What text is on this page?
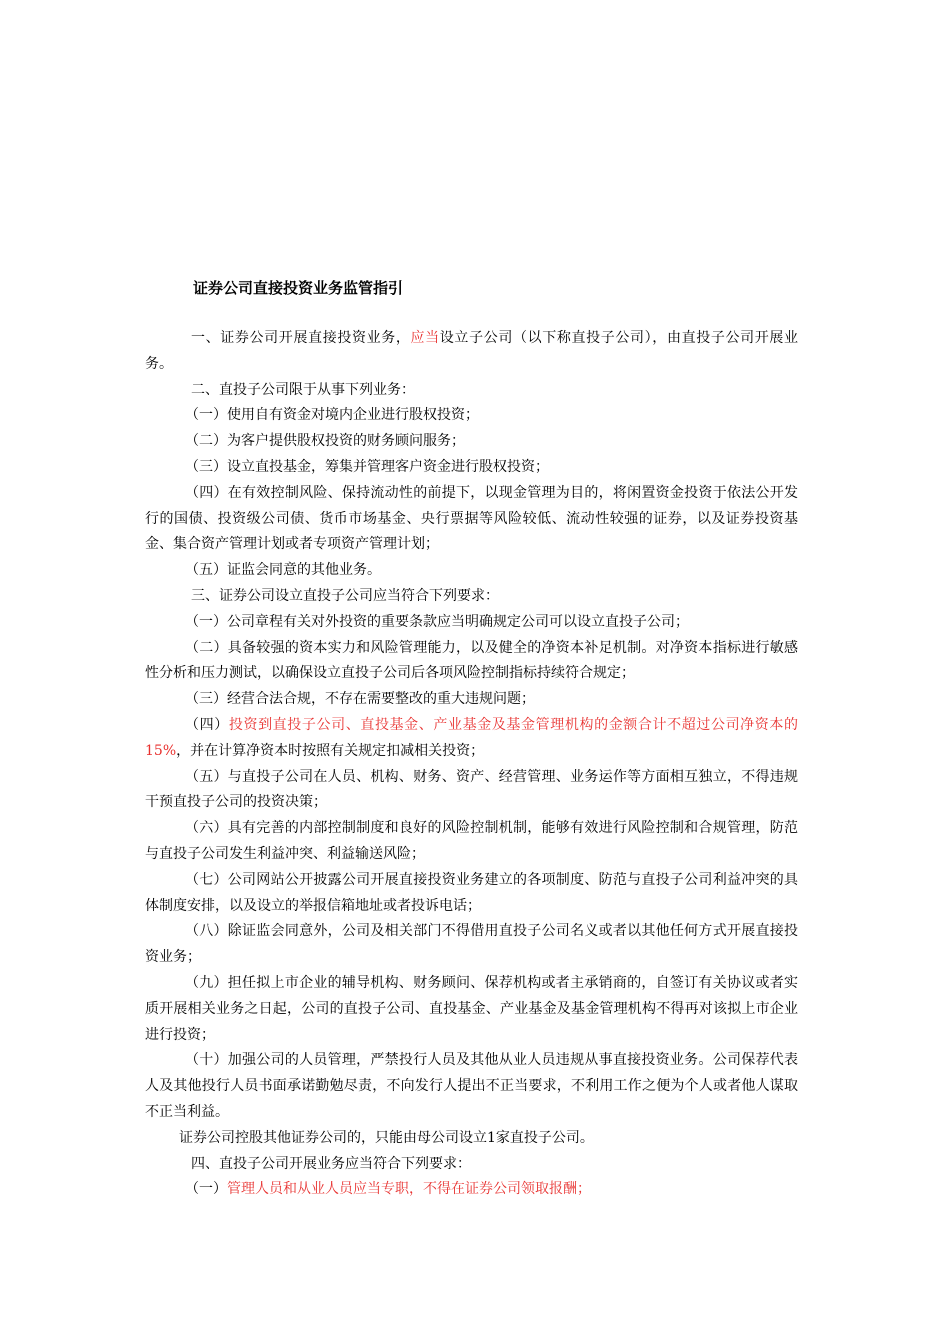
证券公司直接投资业务监管指引

一、证券公司开展直接投资业务，应当设立子公司（以下称直投子公司），由直投子公司开展业务。

二、直投子公司限于从事下列业务：

（一）使用自有资金对境内企业进行股权投资；

（二）为客户提供股权投资的财务顾问服务；

（三）设立直投基金，筹集并管理客户资金进行股权投资；

（四）在有效控制风险、保持流动性的前提下，以现金管理为目的，将闲置资金投资于依法公开发行的国债、投资级公司债、货币市场基金、央行票据等风险较低、流动性较强的证券，以及证券投资基金、集合资产管理计划或者专项资产管理计划；

（五）证监会同意的其他业务。

三、证券公司设立直投子公司应当符合下列要求：

（一）公司章程有关对外投资的重要条款应当明确规定公司可以设立直投子公司；

（二）具备较强的资本实力和风险管理能力，以及健全的净资本补足机制。对净资本指标进行敏感性分析和压力测试，以确保设立直投子公司后各项风险控制指标持续符合规定；

（三）经营合法合规，不存在需要整改的重大违规问题；

（四）投资到直投子公司、直投基金、产业基金及基金管理机构的金额合计不超过公司净资本的15%，并在计算净资本时按照有关规定扣减相关投资；

（五）与直投子公司在人员、机构、财务、资产、经营管理、业务运作等方面相互独立，不得违规干预直投子公司的投资决策；

（六）具有完善的内部控制制度和良好的风险控制机制，能够有效进行风险控制和合规管理，防范与直投子公司发生利益冲突、利益输送风险；

（七）公司网站公开披露公司开展直接投资业务建立的各项制度、防范与直投子公司利益冲突的具体制度安排，以及设立的举报信箱地址或者投诉电话；

（八）除证监会同意外，公司及相关部门不得借用直投子公司名义或者以其他任何方式开展直接投资业务；

（九）担任拟上市企业的辅导机构、财务顾问、保荐机构或者主承销商的，自签订有关协议或者实质开展相关业务之日起，公司的直投子公司、直投基金、产业基金及基金管理机构不得再对该拟上市企业进行投资；

（十）加强公司的人员管理，严禁投行人员及其他从业人员违规从事直接投资业务。公司保荐代表人及其他投行人员书面承诺勤勉尽责，不向发行人提出不正当要求，不利用工作之便为个人或者他人谋取不正当利益。

证券公司控股其他证券公司的，只能由母公司设立1家直投子公司。

四、直投子公司开展业务应当符合下列要求：

（一）管理人员和从业人员应当专职，不得在证券公司领取报酬；
